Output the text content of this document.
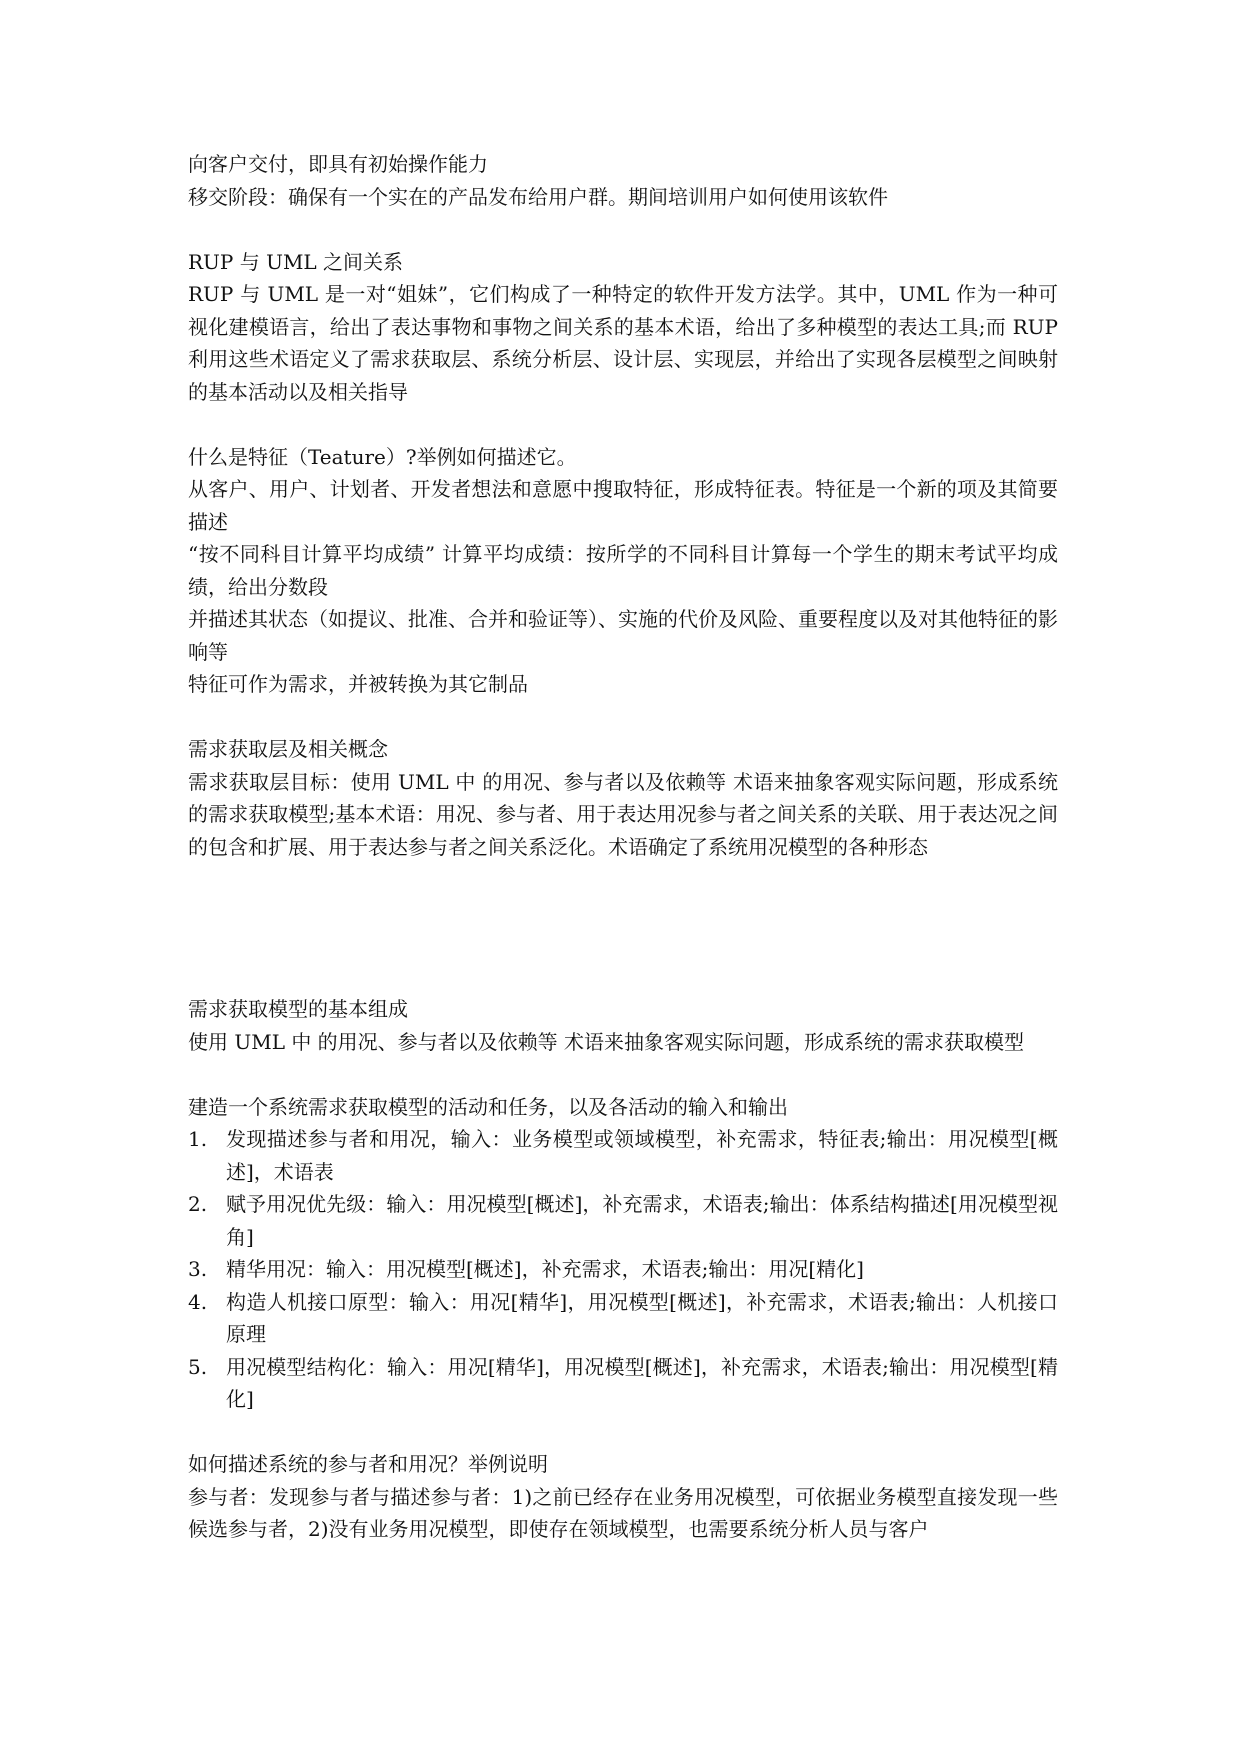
向客户交付，即具有初始操作能力

移交阶段：确保有一个实在的产品发布给用户群。期间培训用户如何使用该软件

RUP 与 UML 之间关系

RUP 与 UML 是一对“姐妹”，它们构成了一种特定的软件开发方法学。其中，UML 作为一种可视化建模语言，给出了表达事物和事物之间关系的基本术语，给出了多种模型的表达工具;而 RUP 利用这些术语定义了需求获取层、系统分析层、设计层、实现层，并给出了实现各层模型之间映射的基本活动以及相关指导

什么是特征（Teature）?举例如何描述它。

从客户、用户、计划者、开发者想法和意愿中搜取特征，形成特征表。特征是一个新的项及其简要描述

“按不同科目计算平均成绩” 计算平均成绩：按所学的不同科目计算每一个学生的期末考试平均成绩，给出分数段

并描述其状态（如提议、批准、合并和验证等）、实施的代价及风险、重要程度以及对其他特征的影响等

特征可作为需求，并被转换为其它制品

需求获取层及相关概念

需求获取层目标：使用 UML 中 的用况、参与者以及依赖等 术语来抽象客观实际问题，形成系统的需求获取模型;基本术语：用况、参与者、用于表达用况参与者之间关系的关联、用于表达况之间的包含和扩展、用于表达参与者之间关系泛化。术语确定了系统用况模型的各种形态

需求获取模型的基本组成

使用 UML 中 的用况、参与者以及依赖等 术语来抽象客观实际问题，形成系统的需求获取模型

建造一个系统需求获取模型的活动和任务，以及各活动的输入和输出

1. 发现描述参与者和用况，输入：业务模型或领域模型，补充需求，特征表;输出：用况模型[概述]，术语表
2. 赋予用况优先级：输入：用况模型[概述]，补充需求，术语表;输出：体系结构描述[用况模型视角]
3. 精华用况：输入：用况模型[概述]，补充需求，术语表;输出：用况[精化]
4. 构造人机接口原型：输入：用况[精华]，用况模型[概述]，补充需求，术语表;输出：人机接口原理
5. 用况模型结构化：输入：用况[精华]，用况模型[概述]，补充需求，术语表;输出：用况模型[精化]

如何描述系统的参与者和用况？举例说明

参与者：发现参与者与描述参与者：1)之前已经存在业务用况模型，可依据业务模型直接发现一些候选参与者，2)没有业务用况模型，即使存在领域模型，也需要系统分析人员与客户
